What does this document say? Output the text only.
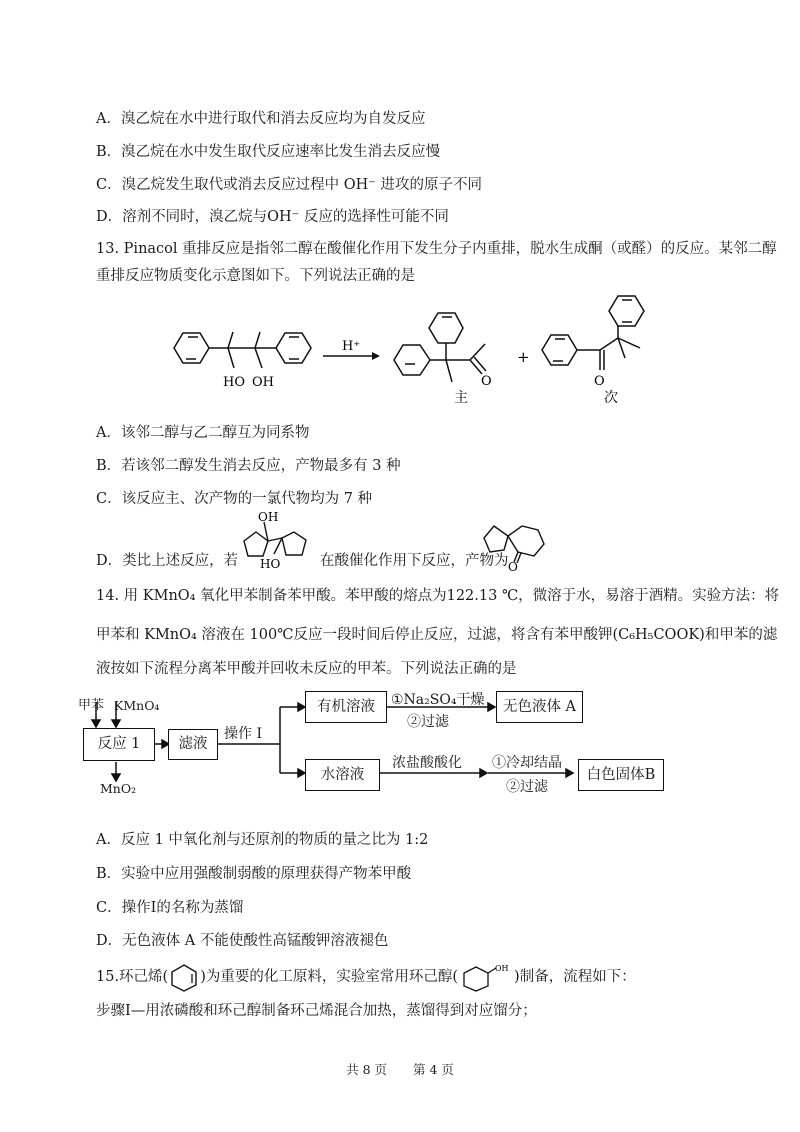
A．溴乙烷在水中进行取代和消去反应均为自发反应
B．溴乙烷在水中发生取代反应速率比发生消去反应慢
C．溴乙烷发生取代或消去反应过程中 OH⁻ 进攻的原子不同
D．溶剂不同时，溴乙烷与OH⁻ 反应的选择性可能不同
13. Pinacol 重排反应是指邻二醇在酸催化作用下发生分子内重排，脱水生成酮（或醛）的反应。某邻二醇
重排反应物质变化示意图如下。下列说法正确的是
HO OH
H⁺
O
+
O
主	次
A．该邻二醇与乙二醇互为同系物
B．若该邻二醇发生消去反应，产物最多有 3 种
C．该反应主、次产物的一氯代物均为 7 种
D．类比上述反应，若
OH
HO	在酸催化作用下反应，产物为 O
14. 用 KMnO₄ 氧化甲苯制备苯甲酸。苯甲酸的熔点为122.13 ℃，微溶于水，易溶于酒精。实验方法：将
甲苯和 KMnO₄ 溶液在 100℃反应一段时间后停止反应，过滤，将含有苯甲酸钾(C₆H₅COOK)和甲苯的滤
液按如下流程分离苯甲酸并回收未反应的甲苯。下列说法正确的是
甲苯 KMnO₄
反应 1
MnO₂
滤液
操作 I
有机溶液	①Na₂SO₄干燥
②过滤
无色液体 A
水溶液
浓盐酸酸化 ①冷却结晶
②过滤
白色固体B
A．反应 1 中氧化剂与还原剂的物质的量之比为 1:2
B．实验中应用强酸制弱酸的原理获得产物苯甲酸
C．操作I的名称为蒸馏
D．无色液体 A 不能使酸性高锰酸钾溶液褪色
15.环己烯( )为重要的化工原料，实验室常用环己醇(
OH
)制备，流程如下：
步骤Ⅰ—用浓磷酸和环己醇制备环己烯混合加热，蒸馏得到对应馏分；
共 8 页 第 4 页
